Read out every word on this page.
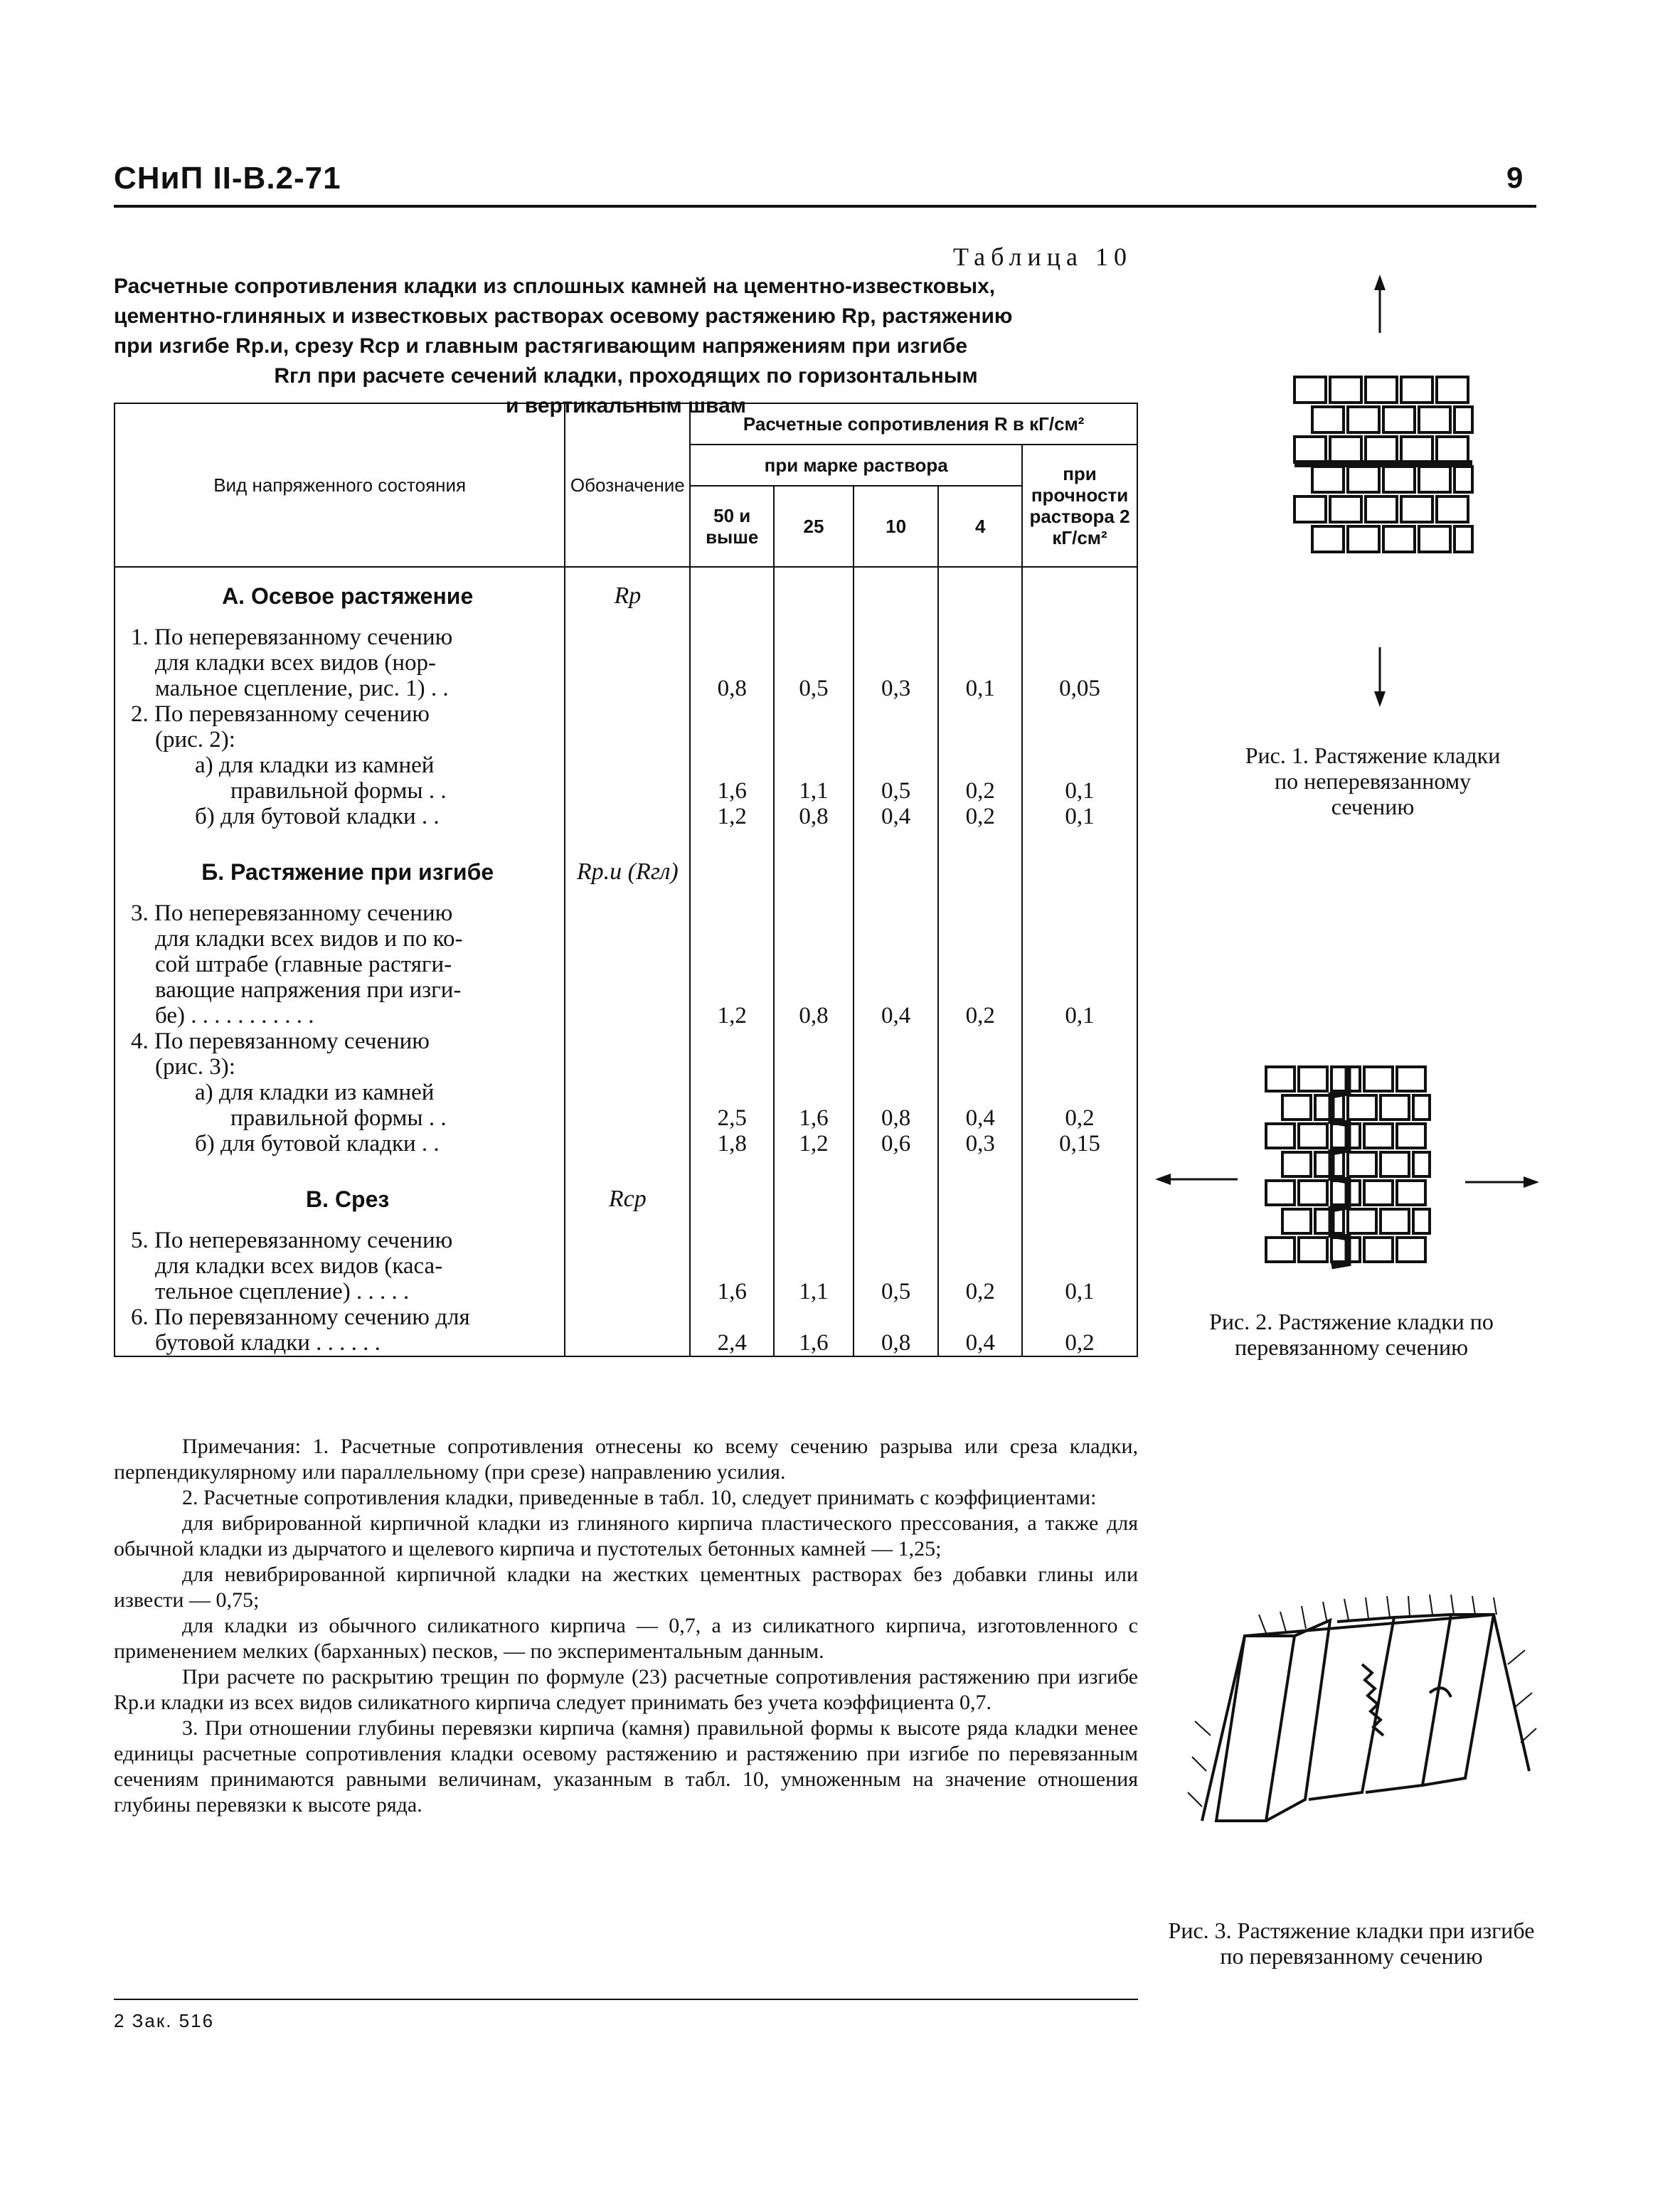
СНиП II-В.2-71	9
Таблица 10
Расчетные сопротивления кладки из сплошных камней на цементно-известковых,
цементно-глиняных и известковых растворах осевому растяжению Rр, растяжению
при изгибе Rр.и, срезу Rср и главным растягивающим напряжениям при изгибе
Rгл при расчете сечений кладки, проходящих по горизонтальным
и вертикальным швам
Вид напряженного состояния	Обозначение	Расчетные сопротивления R в кГ/см²				
		при марке раствора				при прочности раствора 2 кГ/см²
		50 и выше	25	10	4	

А. Осевое растяжение	Rр					

1. По неперевязанному сечению
для кладки всех видов (нор-
мальное сцепление, рис. 1) . .		0,8	0,5	0,3	0,1	0,05

2. По перевязанному сечению
(рис. 2):
а) для кладки из камней
правильной формы . .		1,6	1,1	0,5	0,2	0,1

б) для бутовой кладки . .		1,2	0,8	0,4	0,2	0,1

Б. Растяжение при изгибе	Rр.и (Rгл)					

3. По неперевязанному сечению
для кладки всех видов и по ко-
сой штрабе (главные растяги-
вающие напряжения при изги-
бе) . . . . . . . . . . .		1,2	0,8	0,4	0,2	0,1

4. По перевязанному сечению
(рис. 3):
а) для кладки из камней
правильной формы . .		2,5	1,6	0,8	0,4	0,2

б) для бутовой кладки . .		1,8	1,2	0,6	0,3	0,15

В. Срез	Rср					

5. По неперевязанному сечению
для кладки всех видов (каса-
тельное сцепление) . . . . .		1,6	1,1	0,5	0,2	0,1

6. По перевязанному сечению для
бутовой кладки . . . . . .		2,4	1,6	0,8	0,4	0,2

Примечания: 1. Расчетные сопротивления отнесены ко всему сечению разрыва или среза кладки, перпендикулярному или параллельному (при срезе) направлению усилия.

2. Расчетные сопротивления кладки, приведенные в табл. 10, следует принимать с коэффициентами:

для вибрированной кирпичной кладки из глиняного кирпича пластического прессования, а также для обычной кладки из дырчатого и щелевого кирпича и пустотелых бетонных камней — 1,25;

для невибрированной кирпичной кладки на жестких цементных растворах без добавки глины или извести — 0,75;

для кладки из обычного силикатного кирпича — 0,7, а из силикатного кирпича, изготовленного с применением мелких (барханных) песков, — по экспериментальным данным.

При расчете по раскрытию трещин по формуле (23) расчетные сопротивления растяжению при изгибе Rр.и кладки из всех видов силикатного кирпича следует принимать без учета коэффициента 0,7.

3. При отношении глубины перевязки кирпича (камня) правильной формы к высоте ряда кладки менее единицы расчетные сопротивления кладки осевому растяжению и растяжению при изгибе по перевязанным сечениям принимаются равными величинам, указанным в табл. 10, умноженным на значение отношения глубины перевязки к высоте ряда.

2 Зак. 516
Рис. 1. Растяжение кладки по неперевязанному сечению
Рис. 2. Растяжение кладки по перевязанному сечению
Рис. 3. Растяжение кладки при изгибе по перевязанному сечению
